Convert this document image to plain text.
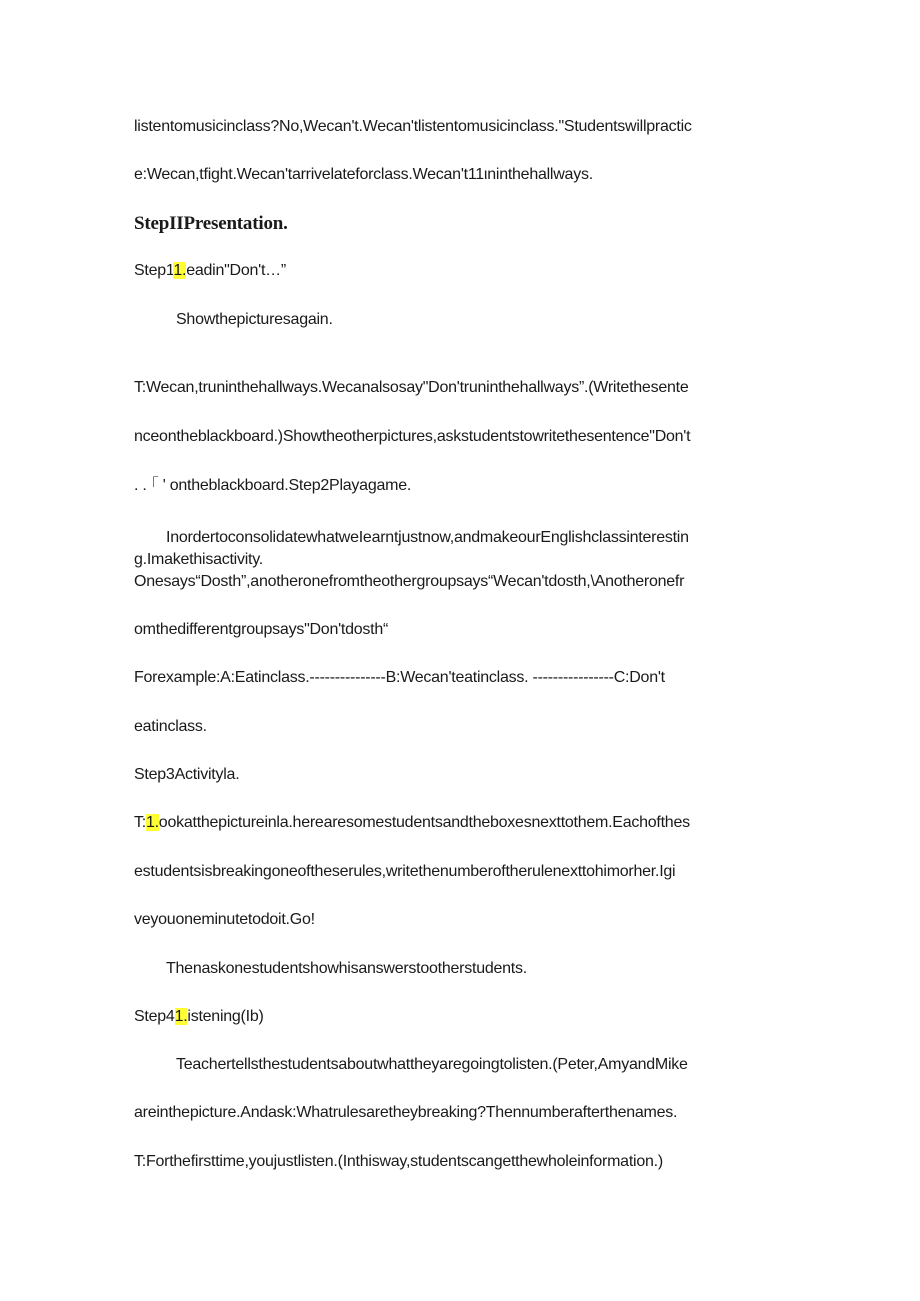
listentomusicinclass?No,Wecan't.Wecan'tlistentomusicinclass."Studentswillpractic
e:Wecan,tfight.Wecan'tarrivelateforclass.Wecan't11ιninthehallways.
StepIIPresentation.
Step11.eadin"Don't…”
Showthepicturesagain.
T:Wecan,truninthehallways.Wecanalsosay"Don'truninthehallways”.(Writethesente
nceontheblackboard.)Showtheotherpictures,askstudentstowritethesentence"Don't
. . ｢ ' ontheblackboard.Step2Playagame.
InordertoconsolidatewhatweIearntjustnow,andmakeourEnglishclassinterestin
g.Imakethisactivity.
Onesays“Dosth”,anotheronefromtheothergroupsays“Wecan'tdosth,\Anotheronefr
omthedifferentgroupsays"Don'tdosth“
Forexample:A:Eatinclass.---------------B:Wecan'teatinclass. ----------------C:Don't
eatinclass.
Step3Activityla.
T:1.ookatthepictureinla.herearesomestudentsandtheboxesnexttothem.Eachofthes
estudentsisbreakingoneoftheserules,writethenumberoftherulenexttohimorher.Igi
veyouoneminutetodoit.Go!
Thenaskonestudentshowhisanswerstootherstudents.
Step41.istening(Ib)
Teachertellsthestudentsaboutwhattheyaregoingtolisten.(Peter,AmyandMike
areinthepicture.Andask:Whatrulesaretheybreaking?Thennumberafterthenames.
T:Forthefirsttime,youjustlisten.(Inthisway,studentscangetthewholeinformation.)
